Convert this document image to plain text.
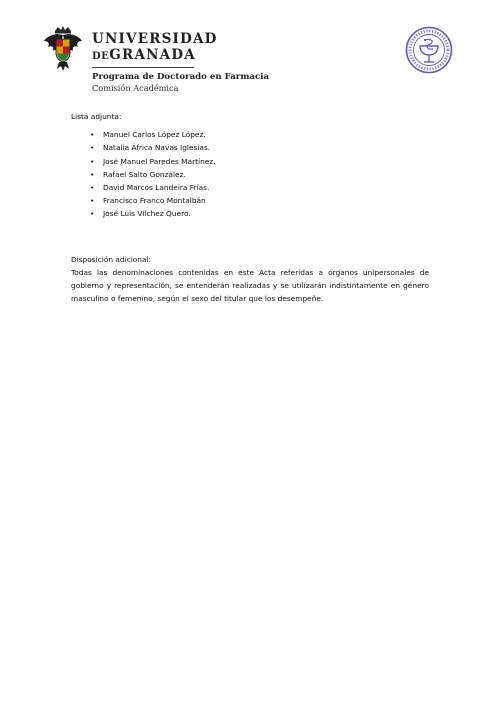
UNIVERSIDAD
DEGRANADA
Programa de Doctorado en Farmacia
Comisión Académica
Lista adjunta:
• Manuel Carlos López López.
• Natalia África Navas Iglesias.
• José Manuel Paredes Martínez.
• Rafael Salto González.
• David Marcos Landeira Frías.
• Francisco Franco Montalbán
• José Luis Vílchez Quero.
Disposición adicional:
Todas las denominaciones contenidas en este Acta referidas a órganos unipersonales de gobierno y representación, se entenderán realizadas y se utilizarán indistintamente en género masculino o femenino, según el sexo del titular que los desempeñe.
